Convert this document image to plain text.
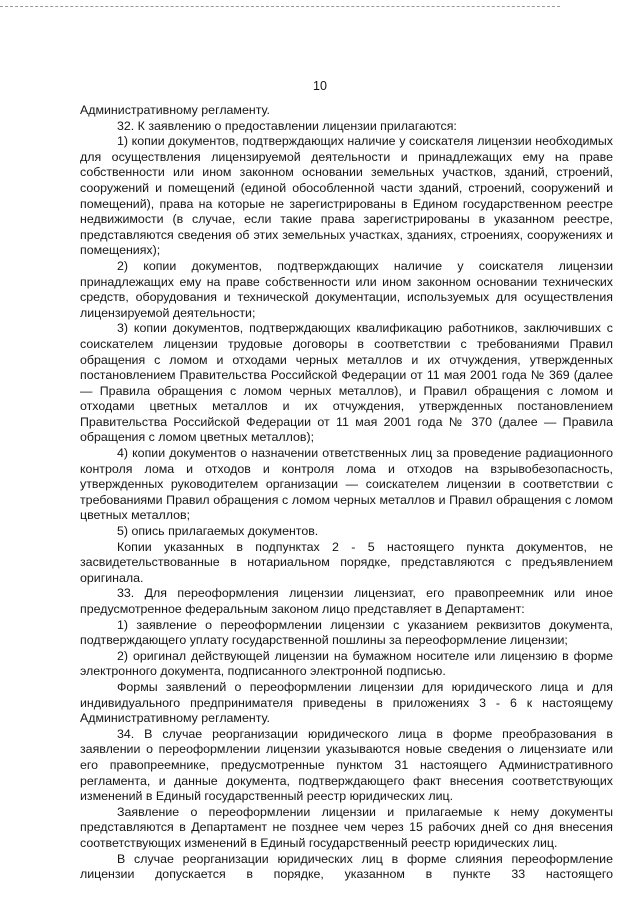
10

Административному регламенту.

32. К заявлению о предоставлении лицензии прилагаются:

1) копии документов, подтверждающих наличие у соискателя лицензии необходимых для осуществления лицензируемой деятельности и принадлежащих ему на праве собственности или ином законном основании земельных участков, зданий, строений, сооружений и помещений (единой обособленной части зданий, строений, сооружений и помещений), права на которые не зарегистрированы в Едином государственном реестре недвижимости (в случае, если такие права зарегистрированы в указанном реестре, представляются сведения об этих земельных участках, зданиях, строениях, сооружениях и помещениях);

2) копии документов, подтверждающих наличие у соискателя лицензии принадлежащих ему на праве собственности или ином законном основании технических средств, оборудования и технической документации, используемых для осуществления лицензируемой деятельности;

3) копии документов, подтверждающих квалификацию работников, заключивших с соискателем лицензии трудовые договоры в соответствии с требованиями Правил обращения с ломом и отходами черных металлов и их отчуждения, утвержденных постановлением Правительства Российской Федерации от 11 мая 2001 года № 369 (далее — Правила обращения с ломом черных металлов), и Правил обращения с ломом и отходами цветных металлов и их отчуждения, утвержденных постановлением Правительства Российской Федерации от 11 мая 2001 года № 370 (далее — Правила обращения с ломом цветных металлов);

4) копии документов о назначении ответственных лиц за проведение радиационного контроля лома и отходов и контроля лома и отходов на взрывобезопасность, утвержденных руководителем организации — соискателем лицензии в соответствии с требованиями Правил обращения с ломом черных металлов и Правил обращения с ломом цветных металлов;

5) опись прилагаемых документов.

Копии указанных в подпунктах 2 - 5 настоящего пункта документов, не засвидетельствованные в нотариальном порядке, представляются с предъявлением оригинала.

33. Для переоформления лицензии лицензиат, его правопреемник или иное предусмотренное федеральным законом лицо представляет в Департамент:

1) заявление о переоформлении лицензии с указанием реквизитов документа, подтверждающего уплату государственной пошлины за переоформление лицензии;

2) оригинал действующей лицензии на бумажном носителе или лицензию в форме электронного документа, подписанного электронной подписью.

Формы заявлений о переоформлении лицензии для юридического лица и для индивидуального предпринимателя приведены в приложениях 3 - 6 к настоящему Административному регламенту.

34. В случае реорганизации юридического лица в форме преобразования в заявлении о переоформлении лицензии указываются новые сведения о лицензиате или его правопреемнике, предусмотренные пунктом 31 настоящего Административного регламента, и данные документа, подтверждающего факт внесения соответствующих изменений в Единый государственный реестр юридических лиц.

Заявление о переоформлении лицензии и прилагаемые к нему документы представляются в Департамент не позднее чем через 15 рабочих дней со дня внесения соответствующих изменений в Единый государственный реестр юридических лиц.

В случае реорганизации юридических лиц в форме слияния переоформление лицензии допускается в порядке, указанном в пункте 33 настоящего
